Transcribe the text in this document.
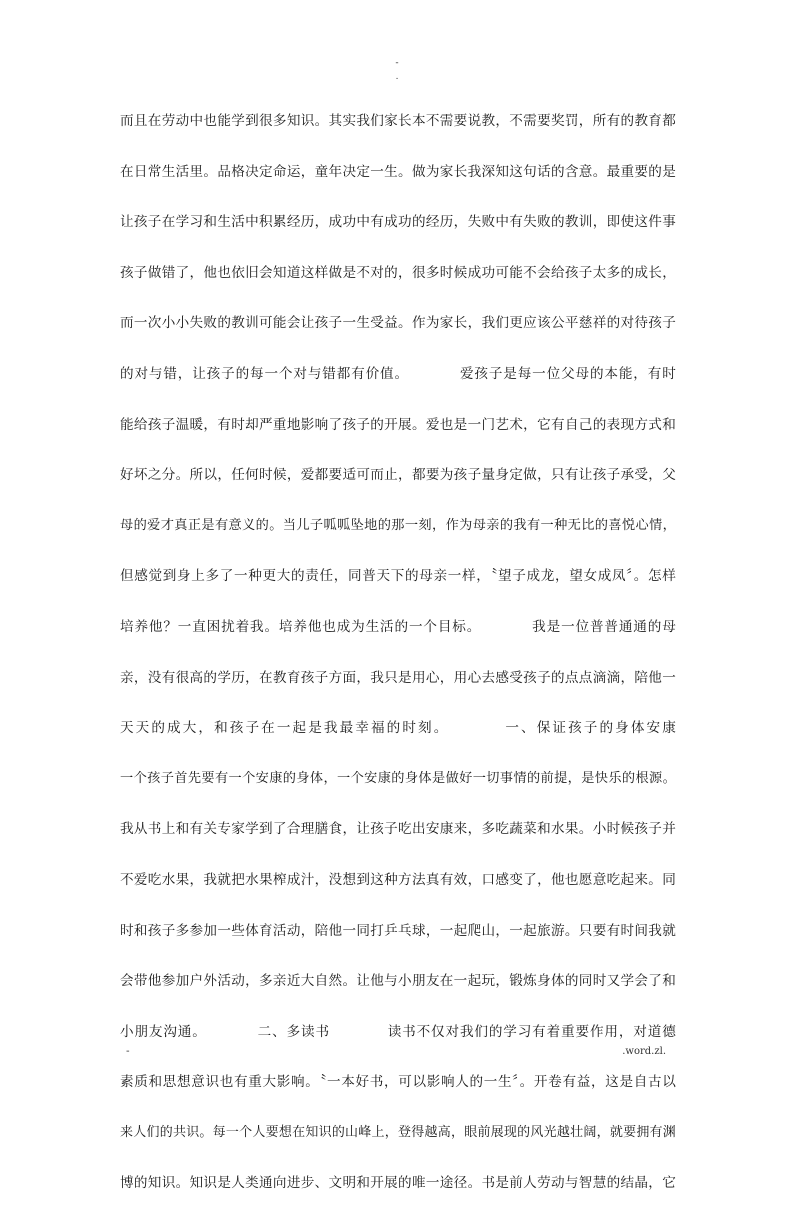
-
.
而且在劳动中也能学到很多知识。其实我们家长本不需要说教，不需要奖罚，所有的教育都
在日常生活里。品格决定命运，童年决定一生。做为家长我深知这句话的含意。最重要的是
让孩子在学习和生活中积累经历，成功中有成功的经历，失败中有失败的教训，即使这件事
孩子做错了，他也依旧会知道这样做是不对的，很多时候成功可能不会给孩子太多的成长，
而一次小小失败的教训可能会让孩子一生受益。作为家长，我们更应该公平慈祥的对待孩子
的对与错，让孩子的每一个对与错都有价值。　　　　爱孩子是每一位父母的本能，有时
能给孩子温暖，有时却严重地影响了孩子的开展。爱也是一门艺术，它有自己的表现方式和
好坏之分。所以，任何时候，爱都要适可而止，都要为孩子量身定做，只有让孩子承受，父
母的爱才真正是有意义的。当儿子呱呱坠地的那一刻，作为母亲的我有一种无比的喜悦心情，
但感觉到身上多了一种更大的责任，同普天下的母亲一样，〝望子成龙，望女成凤〞。怎样
培养他？一直困扰着我。培养他也成为生活的一个目标。　　　　我是一位普普通通的母
亲，没有很高的学历，在教育孩子方面，我只是用心，用心去感受孩子的点点滴滴，陪他一
天天的成大，和孩子在一起是我最幸福的时刻。　　　　一、保证孩子的身体安康
一个孩子首先要有一个安康的身体，一个安康的身体是做好一切事情的前提，是快乐的根源。
我从书上和有关专家学到了合理膳食，让孩子吃出安康来，多吃蔬菜和水果。小时候孩子并
不爱吃水果，我就把水果榨成汁，没想到这种方法真有效，口感变了，他也愿意吃起来。同
时和孩子多参加一些体育活动，陪他一同打乒乓球，一起爬山，一起旅游。只要有时间我就
会带他参加户外活动，多亲近大自然。让他与小朋友在一起玩，锻炼身体的同时又学会了和
小朋友沟通。　　　　二、多读书　　　　读书不仅对我们的学习有着重要作用，对道德
素质和思想意识也有重大影响。〝一本好书，可以影响人的一生〞。开卷有益，这是自古以
来人们的共识。每一个人要想在知识的山峰上，登得越高，眼前展现的风光越壮阔，就要拥有渊
博的知识。知识是人类通向进步、文明和开展的唯一途径。书是前人劳动与智慧的结晶，它
-	.word.zl.
